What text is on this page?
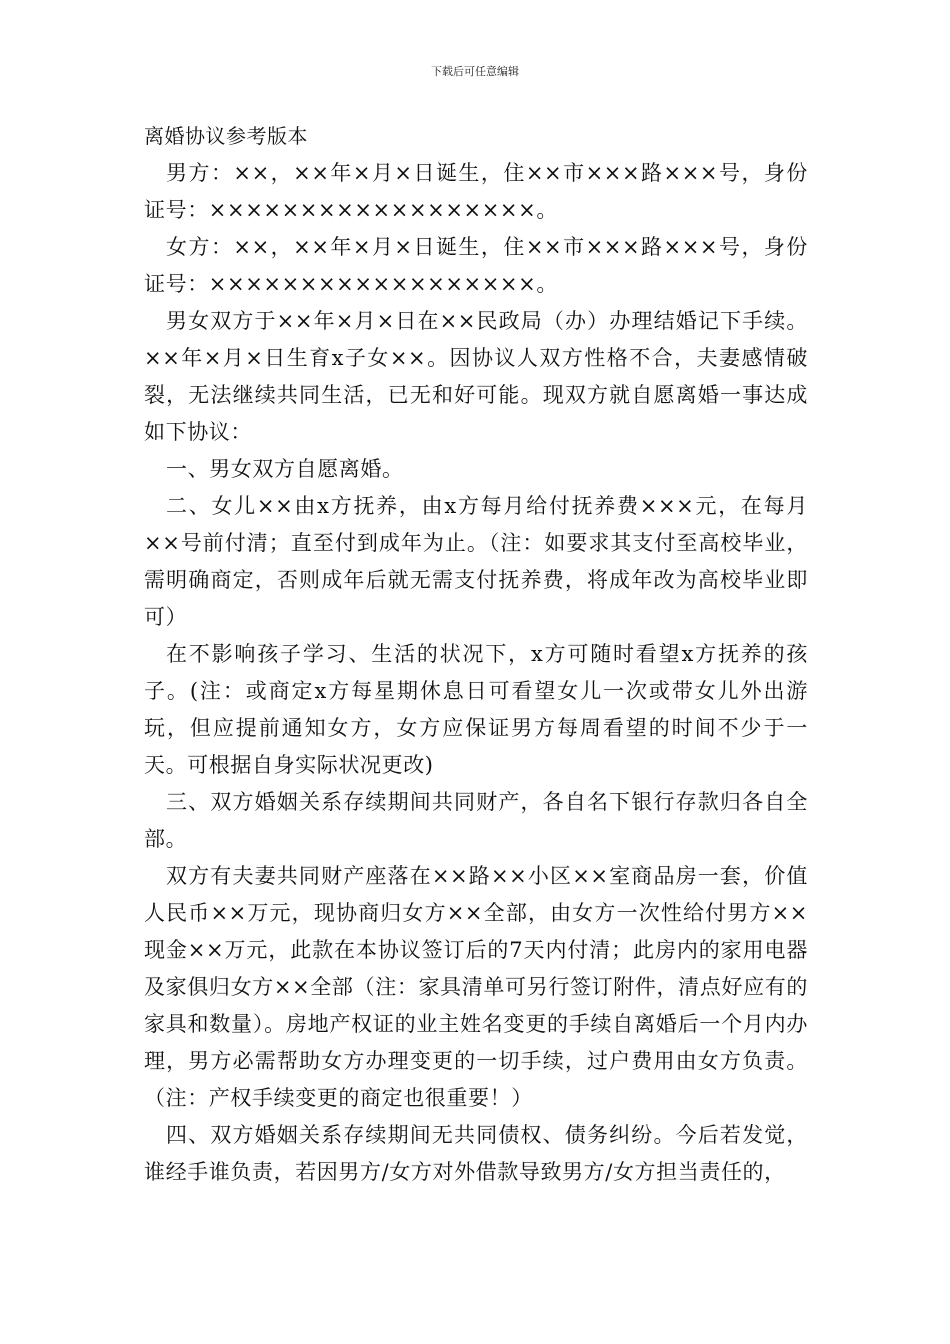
下载后可任意编辑
离婚协议参考版本

男方：××，××年×月×日诞生，住××市×××路×××号，身份证号：××××××××××××××××××。

女方：××，××年×月×日诞生，住××市×××路×××号，身份证号：××××××××××××××××××。

男女双方于××年×月×日在××民政局（办）办理结婚记下手续。××年×月×日生育x子女××。因协议人双方性格不合，夫妻感情破裂，无法继续共同生活，已无和好可能。现双方就自愿离婚一事达成如下协议：

一、男女双方自愿离婚。

二、女儿××由x方抚养，由x方每月给付抚养费×××元，在每月××号前付清；直至付到成年为止。（注：如要求其支付至高校毕业，需明确商定，否则成年后就无需支付抚养费，将成年改为高校毕业即可）

在不影响孩子学习、生活的状况下，x方可随时看望x方抚养的孩子。(注：或商定x方每星期休息日可看望女儿一次或带女儿外出游玩，但应提前通知女方，女方应保证男方每周看望的时间不少于一天。可根据自身实际状况更改)

三、双方婚姻关系存续期间共同财产，各自名下银行存款归各自全部。

双方有夫妻共同财产座落在××路××小区××室商品房一套，价值人民币××万元，现协商归女方××全部，由女方一次性给付男方××现金××万元，此款在本协议签订后的7天内付清；此房内的家用电器及家俱归女方××全部（注：家具清单可另行签订附件，清点好应有的家具和数量）。房地产权证的业主姓名变更的手续自离婚后一个月内办理，男方必需帮助女方办理变更的一切手续，过户费用由女方负责。（注：产权手续变更的商定也很重要！）

四、双方婚姻关系存续期间无共同债权、债务纠纷。今后若发觉，谁经手谁负责，若因男方/女方对外借款导致男方/女方担当责任的，
